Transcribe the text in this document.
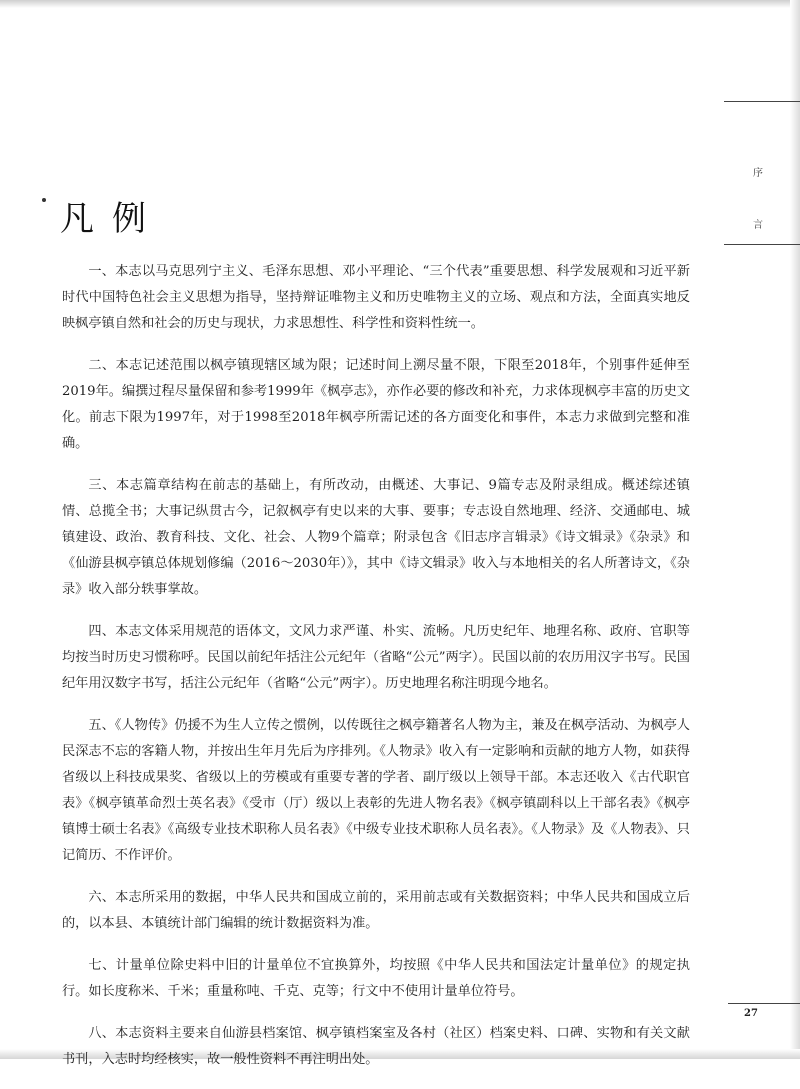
凡例
序
言

一、本志以马克思列宁主义、毛泽东思想、邓小平理论、“三个代表”重要思想、科学发展观和习近平新时代中国特色社会主义思想为指导，坚持辩证唯物主义和历史唯物主义的立场、观点和方法，全面真实地反映枫亭镇自然和社会的历史与现状，力求思想性、科学性和资料性统一。

二、本志记述范围以枫亭镇现辖区域为限；记述时间上溯尽量不限，下限至2018年，个别事件延伸至2019年。编撰过程尽量保留和参考1999年《枫亭志》，亦作必要的修改和补充，力求体现枫亭丰富的历史文化。前志下限为1997年，对于1998至2018年枫亭所需记述的各方面变化和事件，本志力求做到完整和准确。

三、本志篇章结构在前志的基础上，有所改动，由概述、大事记、9篇专志及附录组成。概述综述镇情、总揽全书；大事记纵贯古今，记叙枫亭有史以来的大事、要事；专志设自然地理、经济、交通邮电、城镇建设、政治、教育科技、文化、社会、人物9个篇章；附录包含《旧志序言辑录》《诗文辑录》《杂录》和《仙游县枫亭镇总体规划修编（2016～2030年）》，其中《诗文辑录》收入与本地相关的名人所著诗文，《杂录》收入部分轶事掌故。

四、本志文体采用规范的语体文，文风力求严谨、朴实、流畅。凡历史纪年、地理名称、政府、官职等均按当时历史习惯称呼。民国以前纪年括注公元纪年（省略“公元”两字）。民国以前的农历用汉字书写。民国纪年用汉数字书写，括注公元纪年（省略“公元”两字）。历史地理名称注明现今地名。

五、《人物传》仍援不为生人立传之惯例，以传既往之枫亭籍著名人物为主，兼及在枫亭活动、为枫亭人民深志不忘的客籍人物，并按出生年月先后为序排列。《人物录》收入有一定影响和贡献的地方人物，如获得省级以上科技成果奖、省级以上的劳模或有重要专著的学者、副厅级以上领导干部。本志还收入《古代职官表》《枫亭镇革命烈士英名表》《受市（厅）级以上表彰的先进人物名表》《枫亭镇副科以上干部名表》《枫亭镇博士硕士名表》《高级专业技术职称人员名表》《中级专业技术职称人员名表》。《人物录》及《人物表》、只记简历、不作评价。

六、本志所采用的数据，中华人民共和国成立前的，采用前志或有关数据资料；中华人民共和国成立后的，以本县、本镇统计部门编辑的统计数据资料为准。

七、计量单位除史料中旧的计量单位不宜换算外，均按照《中华人民共和国法定计量单位》的规定执行。如长度称米、千米；重量称吨、千克、克等；行文中不使用计量单位符号。

八、本志资料主要来自仙游县档案馆、枫亭镇档案室及各村（社区）档案史料、口碑、实物和有关文献书刊，入志时均经核实，故一般性资料不再注明出处。

27
